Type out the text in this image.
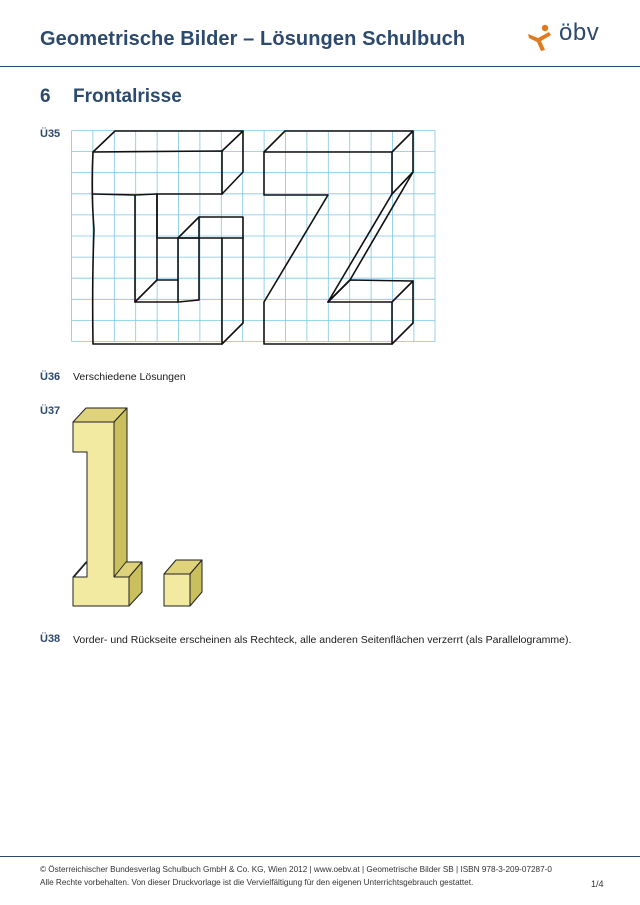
Geometrische Bilder – Lösungen Schulbuch	öbv
6 Frontalrisse
Ü35
Ü36 Verschiedene Lösungen
Ü37
Ü38 Vorder- und Rückseite erscheinen als Rechteck, alle anderen Seitenflächen verzerrt (als Parallelogramme).
© Österreichischer Bundesverlag Schulbuch GmbH & Co. KG, Wien 2012 | www.oebv.at | Geometrische Bilder SB | ISBN 978-3-209-07287-0
Alle Rechte vorbehalten. Von dieser Druckvorlage ist die Vervielfältigung für den eigenen Unterrichtsgebrauch gestattet.	1/4
